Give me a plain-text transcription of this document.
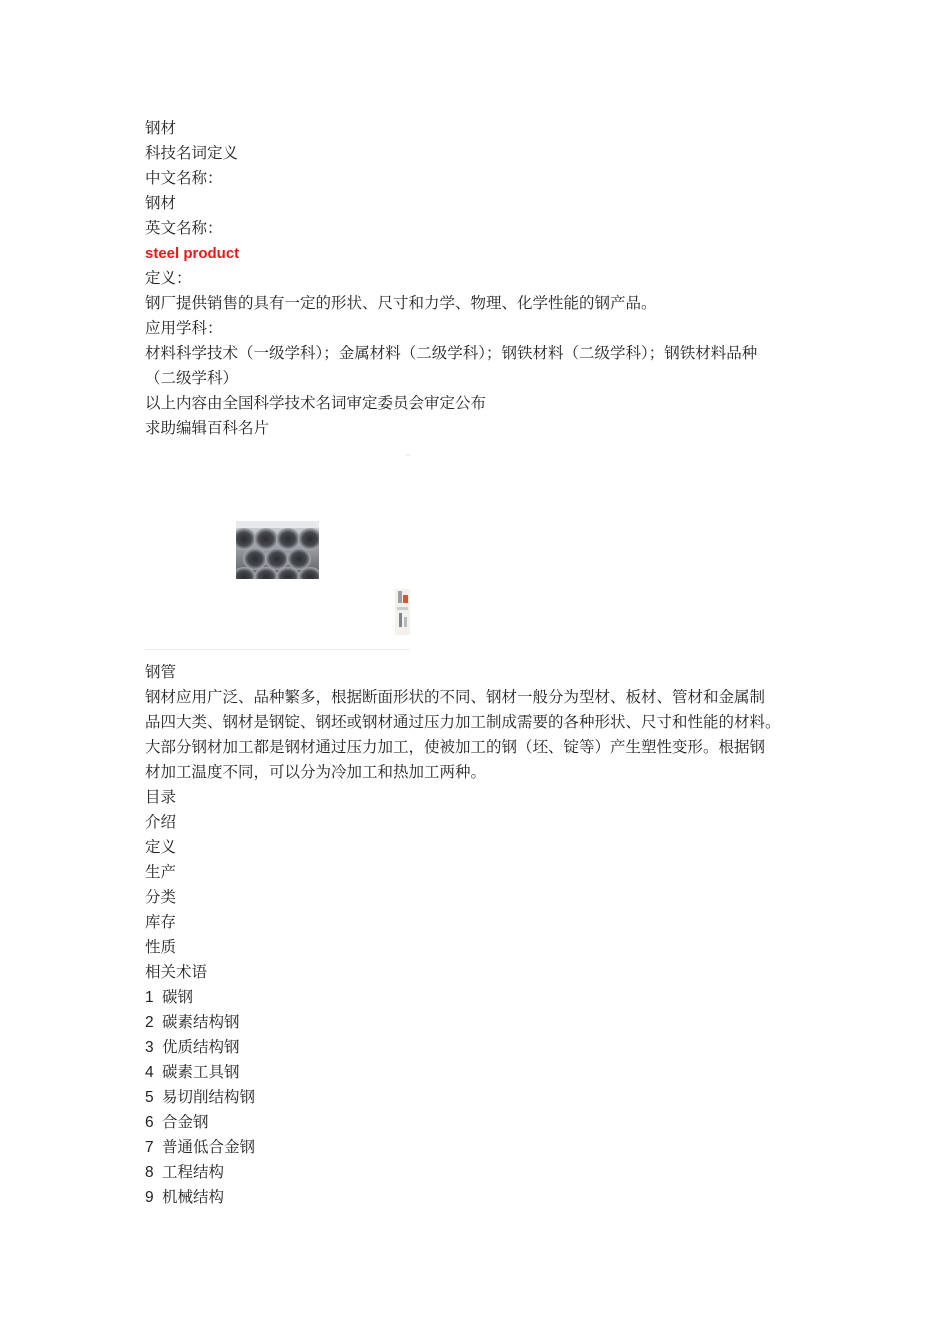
钢材
科技名词定义
中文名称：
钢材
英文名称：
steel product
定义：
钢厂提供销售的具有一定的形状、尺寸和力学、物理、化学性能的钢产品。
应用学科：
材料科学技术（一级学科）；金属材料（二级学科）；钢铁材料（二级学科）；钢铁材料品种
（二级学科）
以上内容由全国科学技术名词审定委员会审定公布
求助编辑百科名片
钢管
钢材应用广泛、品种繁多，根据断面形状的不同、钢材一般分为型材、板材、管材和金属制
品四大类、钢材是钢锭、钢坯或钢材通过压力加工制成需要的各种形状、尺寸和性能的材料。
大部分钢材加工都是钢材通过压力加工，使被加工的钢（坯、锭等）产生塑性变形。根据钢
材加工温度不同，可以分为冷加工和热加工两种。
目录
介绍
定义
生产
分类
库存
性质
相关术语
1 碳钢
2 碳素结构钢
3 优质结构钢
4 碳素工具钢
5 易切削结构钢
6 合金钢
7 普通低合金钢
8 工程结构
9 机械结构
